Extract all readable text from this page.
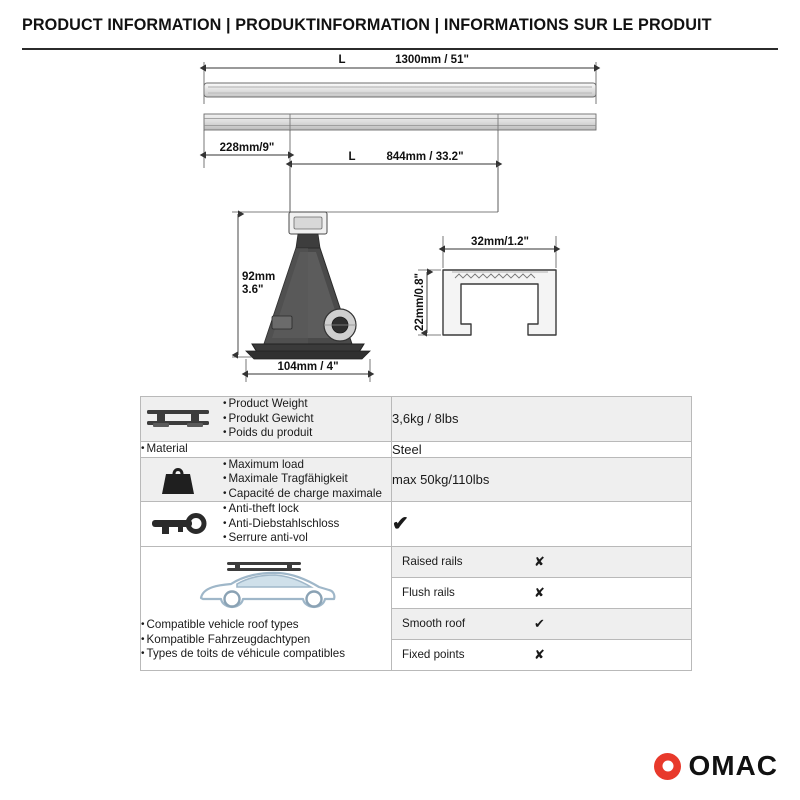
PRODUCT INFORMATION | PRODUKTINFORMATION | INFORMATIONS SUR LE PRODUIT
L	1300mm / 51"
228mm/9"
L	844mm / 33.2"
92mm
3.6"
104mm / 4"
32mm/1.2"
22mm/0.8"
• Product Weight
• Produkt Gewicht
• Poids du produit
	3,6kg / 8lbs

• Material	Steel

• Maximum load
• Maximale Tragfähigkeit
• Capacité de charge maximale
	max 50kg/110lbs

• Anti-theft lock
• Anti-Diebstahlschloss
• Serrure anti-vol
	✔

• Compatible vehicle roof types
• Kompatible Fahrzeugdachtypen
• Types de toits de véhicule compatibles

Raised rails	✘
Flush rails	✘
Smooth roof	✔
Fixed points	✘
OMAC
